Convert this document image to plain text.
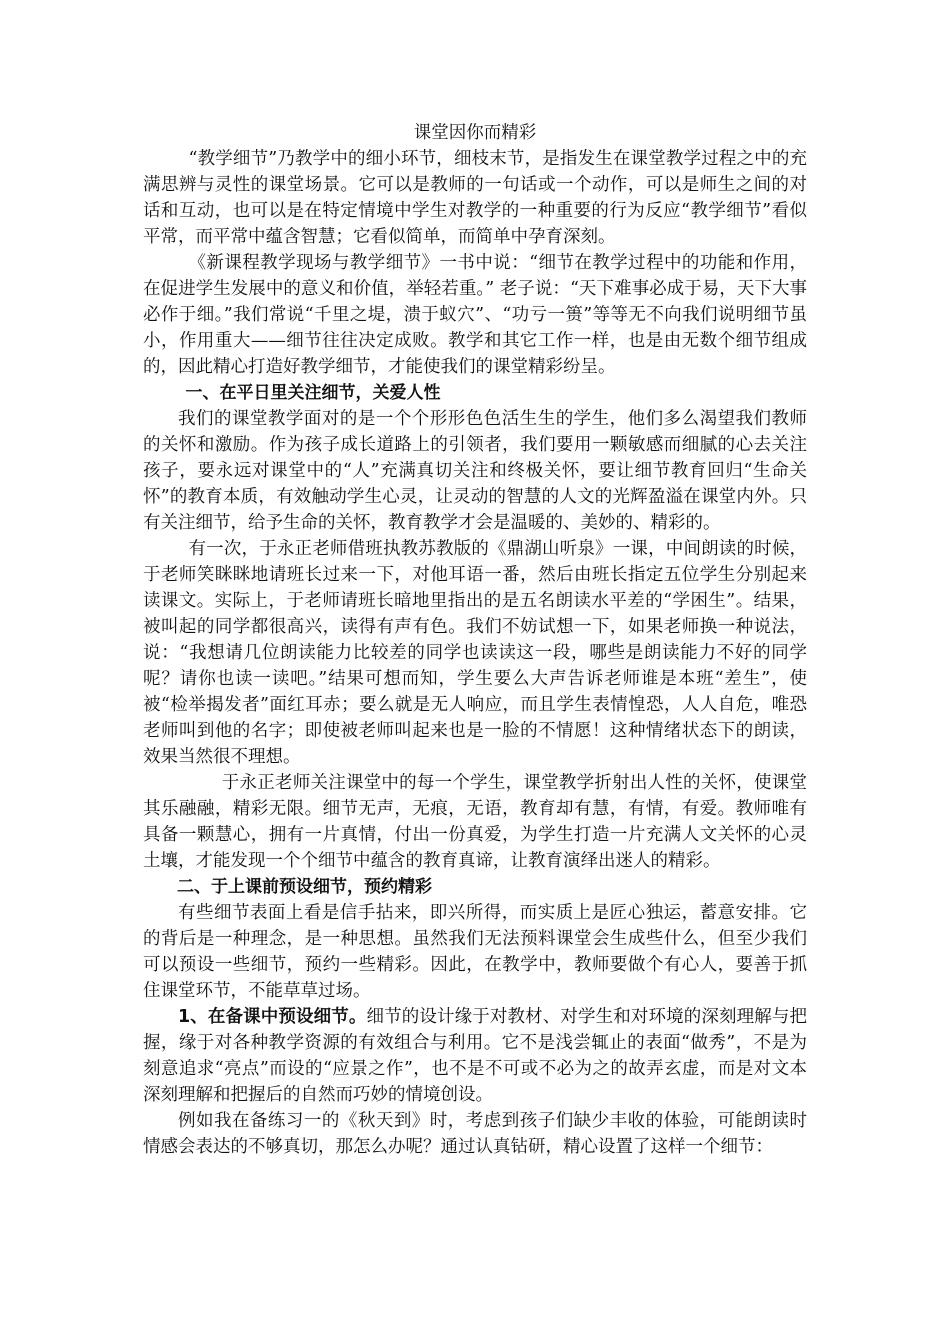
课堂因你而精彩

“教学细节”乃教学中的细小环节，细枝末节，是指发生在课堂教学过程之中的充满思辨与灵性的课堂场景。它可以是教师的一句话或一个动作，可以是师生之间的对话和互动，也可以是在特定情境中学生对教学的一种重要的行为反应“教学细节”看似平常，而平常中蕴含智慧；它看似简单，而简单中孕育深刻。

《新课程教学现场与教学细节》一书中说：“细节在教学过程中的功能和作用，在促进学生发展中的意义和价值，举轻若重。” 老子说：“天下难事必成于易，天下大事必作于细。”我们常说“千里之堤，溃于蚁穴”、“功亏一篑”等等无不向我们说明细节虽小，作用重大——细节往往决定成败。教学和其它工作一样，也是由无数个细节组成的，因此精心打造好教学细节，才能使我们的课堂精彩纷呈。

一、在平日里关注细节，关爱人性

我们的课堂教学面对的是一个个形形色色活生生的学生，他们多么渴望我们教师的关怀和激励。作为孩子成长道路上的引领者，我们要用一颗敏感而细腻的心去关注孩子，要永远对课堂中的“人”充满真切关注和终极关怀，要让细节教育回归“生命关怀”的教育本质，有效触动学生心灵，让灵动的智慧的人文的光辉盈溢在课堂内外。只有关注细节，给予生命的关怀，教育教学才会是温暖的、美妙的、精彩的。

有一次，于永正老师借班执教苏教版的《鼎湖山听泉》一课，中间朗读的时候，于老师笑眯眯地请班长过来一下，对他耳语一番，然后由班长指定五位学生分别起来读课文。实际上，于老师请班长暗地里指出的是五名朗读水平差的“学困生”。结果，被叫起的同学都很高兴，读得有声有色。我们不妨试想一下，如果老师换一种说法，说：“我想请几位朗读能力比较差的同学也读读这一段，哪些是朗读能力不好的同学呢？请你也读一读吧。”结果可想而知，学生要么大声告诉老师谁是本班“差生”，使被“检举揭发者”面红耳赤；要么就是无人响应，而且学生表情惶恐，人人自危，唯恐老师叫到他的名字；即使被老师叫起来也是一脸的不情愿！这种情绪状态下的朗读，效果当然很不理想。

于永正老师关注课堂中的每一个学生，课堂教学折射出人性的关怀，使课堂其乐融融，精彩无限。细节无声，无痕，无语，教育却有慧，有情，有爱。教师唯有具备一颗慧心，拥有一片真情，付出一份真爱，为学生打造一片充满人文关怀的心灵土壤，才能发现一个个细节中蕴含的教育真谛，让教育演绎出迷人的精彩。

二、于上课前预设细节，预约精彩

有些细节表面上看是信手拈来，即兴所得，而实质上是匠心独运，蓄意安排。它的背后是一种理念，是一种思想。虽然我们无法预料课堂会生成些什么，但至少我们可以预设一些细节，预约一些精彩。因此，在教学中，教师要做个有心人，要善于抓住课堂环节，不能草草过场。

1、在备课中预设细节。细节的设计缘于对教材、对学生和对环境的深刻理解与把握，缘于对各种教学资源的有效组合与利用。它不是浅尝辄止的表面“做秀”，不是为刻意追求“亮点”而设的“应景之作”，也不是不可或不必为之的故弄玄虚，而是对文本深刻理解和把握后的自然而巧妙的情境创设。

例如我在备练习一的《秋天到》时，考虑到孩子们缺少丰收的体验，可能朗读时情感会表达的不够真切，那怎么办呢？通过认真钻研，精心设置了这样一个细节：
